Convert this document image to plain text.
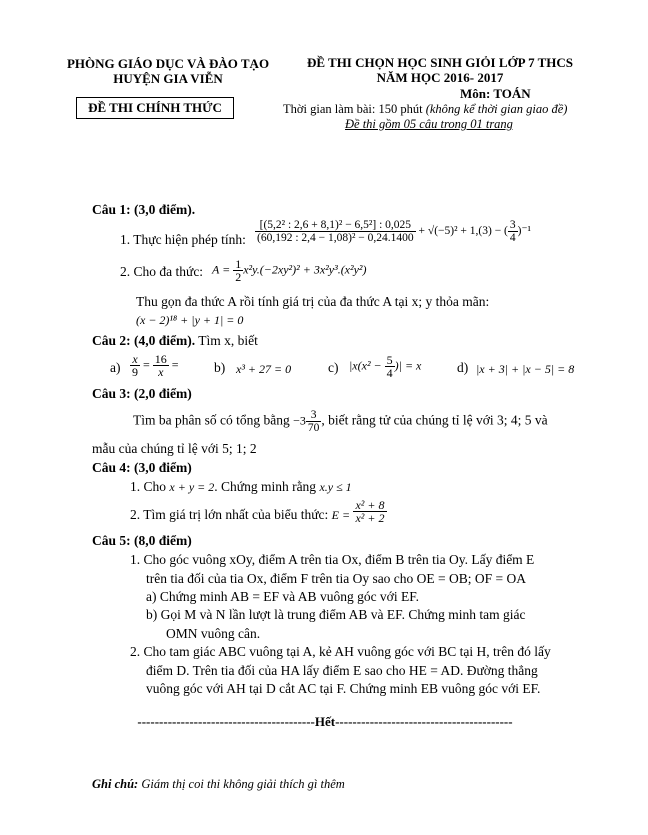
PHÒNG GIÁO DỤC VÀ ĐÀO TẠO
HUYỆN GIA VIỄN
ĐỀ THI CHÍNH THỨC
ĐỀ THI CHỌN HỌC SINH GIỎI LỚP 7 THCS
NĂM HỌC 2016- 2017
Môn: TOÁN
Thời gian làm bài: 150 phút (không kể thời gian giao đề)
Đề thi gồm 05 câu trong 01 trang
Câu 1: (3,0 điểm).
1. Thực hiện phép tính: $\frac{\text{[(5,2² : 2,6 + 8,1)² − 6,5²] : 0,025}}{\text{(60,192 : 2,4 − 1,08)² − 0,24.1400}} + √(-5)^2 + 1,(3)$ − ( $\frac{3}{4} )^{-1}$
2. Cho đa thức: $A = \frac{1}{2} x^2y.(-2xy^2)^2 + 3x^2y^3.(x^2y^2)$
Thu gọn đa thức A rồi tính giá trị của đa thức A tại x; y thỏa mãn:
(x − 2)¹⁸ + |y + 1| = 0
Câu 2: (4,0 điểm). Tìm x, biết
$a) \frac{x}{9} = \frac{16}{x}$ =	b) x³ + 27 = 0	c) $|x(x^2 - \frac{5}{4}$ )| = x	d) |x + 3| + |x − 5| = 8
Câu 3: (2,0 điểm)
Tìm ba phân số có tổng bằng $-3 \frac{3}{70}$ , biết rằng tử của chúng tỉ lệ với 3; 4; 5 và
mẫu của chúng tỉ lệ với 5; 1; 2
Câu 4: (3,0 điểm)
1. Cho x + y = 2. Chứng minh rằng x.y ≤ 1
2. Tìm giá trị lớn nhất của biểu thức: $E = \frac{\text{x² + 8}}{\text{x² + 2}}$
Câu 5: (8,0 điểm)
1. Cho góc vuông xOy, điểm A trên tia Ox, điểm B trên tia Oy. Lấy điểm E
trên tia đối của tia Ox, điểm F trên tia Oy sao cho OE = OB; OF = OA
a) Chứng minh AB = EF và AB vuông góc với EF.
b) Gọi M và N lần lượt là trung điểm AB và EF. Chứng minh tam giác
OMN vuông cân.
2. Cho tam giác ABC vuông tại A, kẻ AH vuông góc với BC tại H, trên đó lấy
điểm D. Trên tia đối của HA lấy điểm E sao cho HE = AD. Đường thẳng
vuông góc với AH tại D cắt AC tại F. Chứng minh EB vuông góc với EF.
-----------------------------------------Hết-----------------------------------------
Ghi chú: Giám thị coi thi không giải thích gì thêm
